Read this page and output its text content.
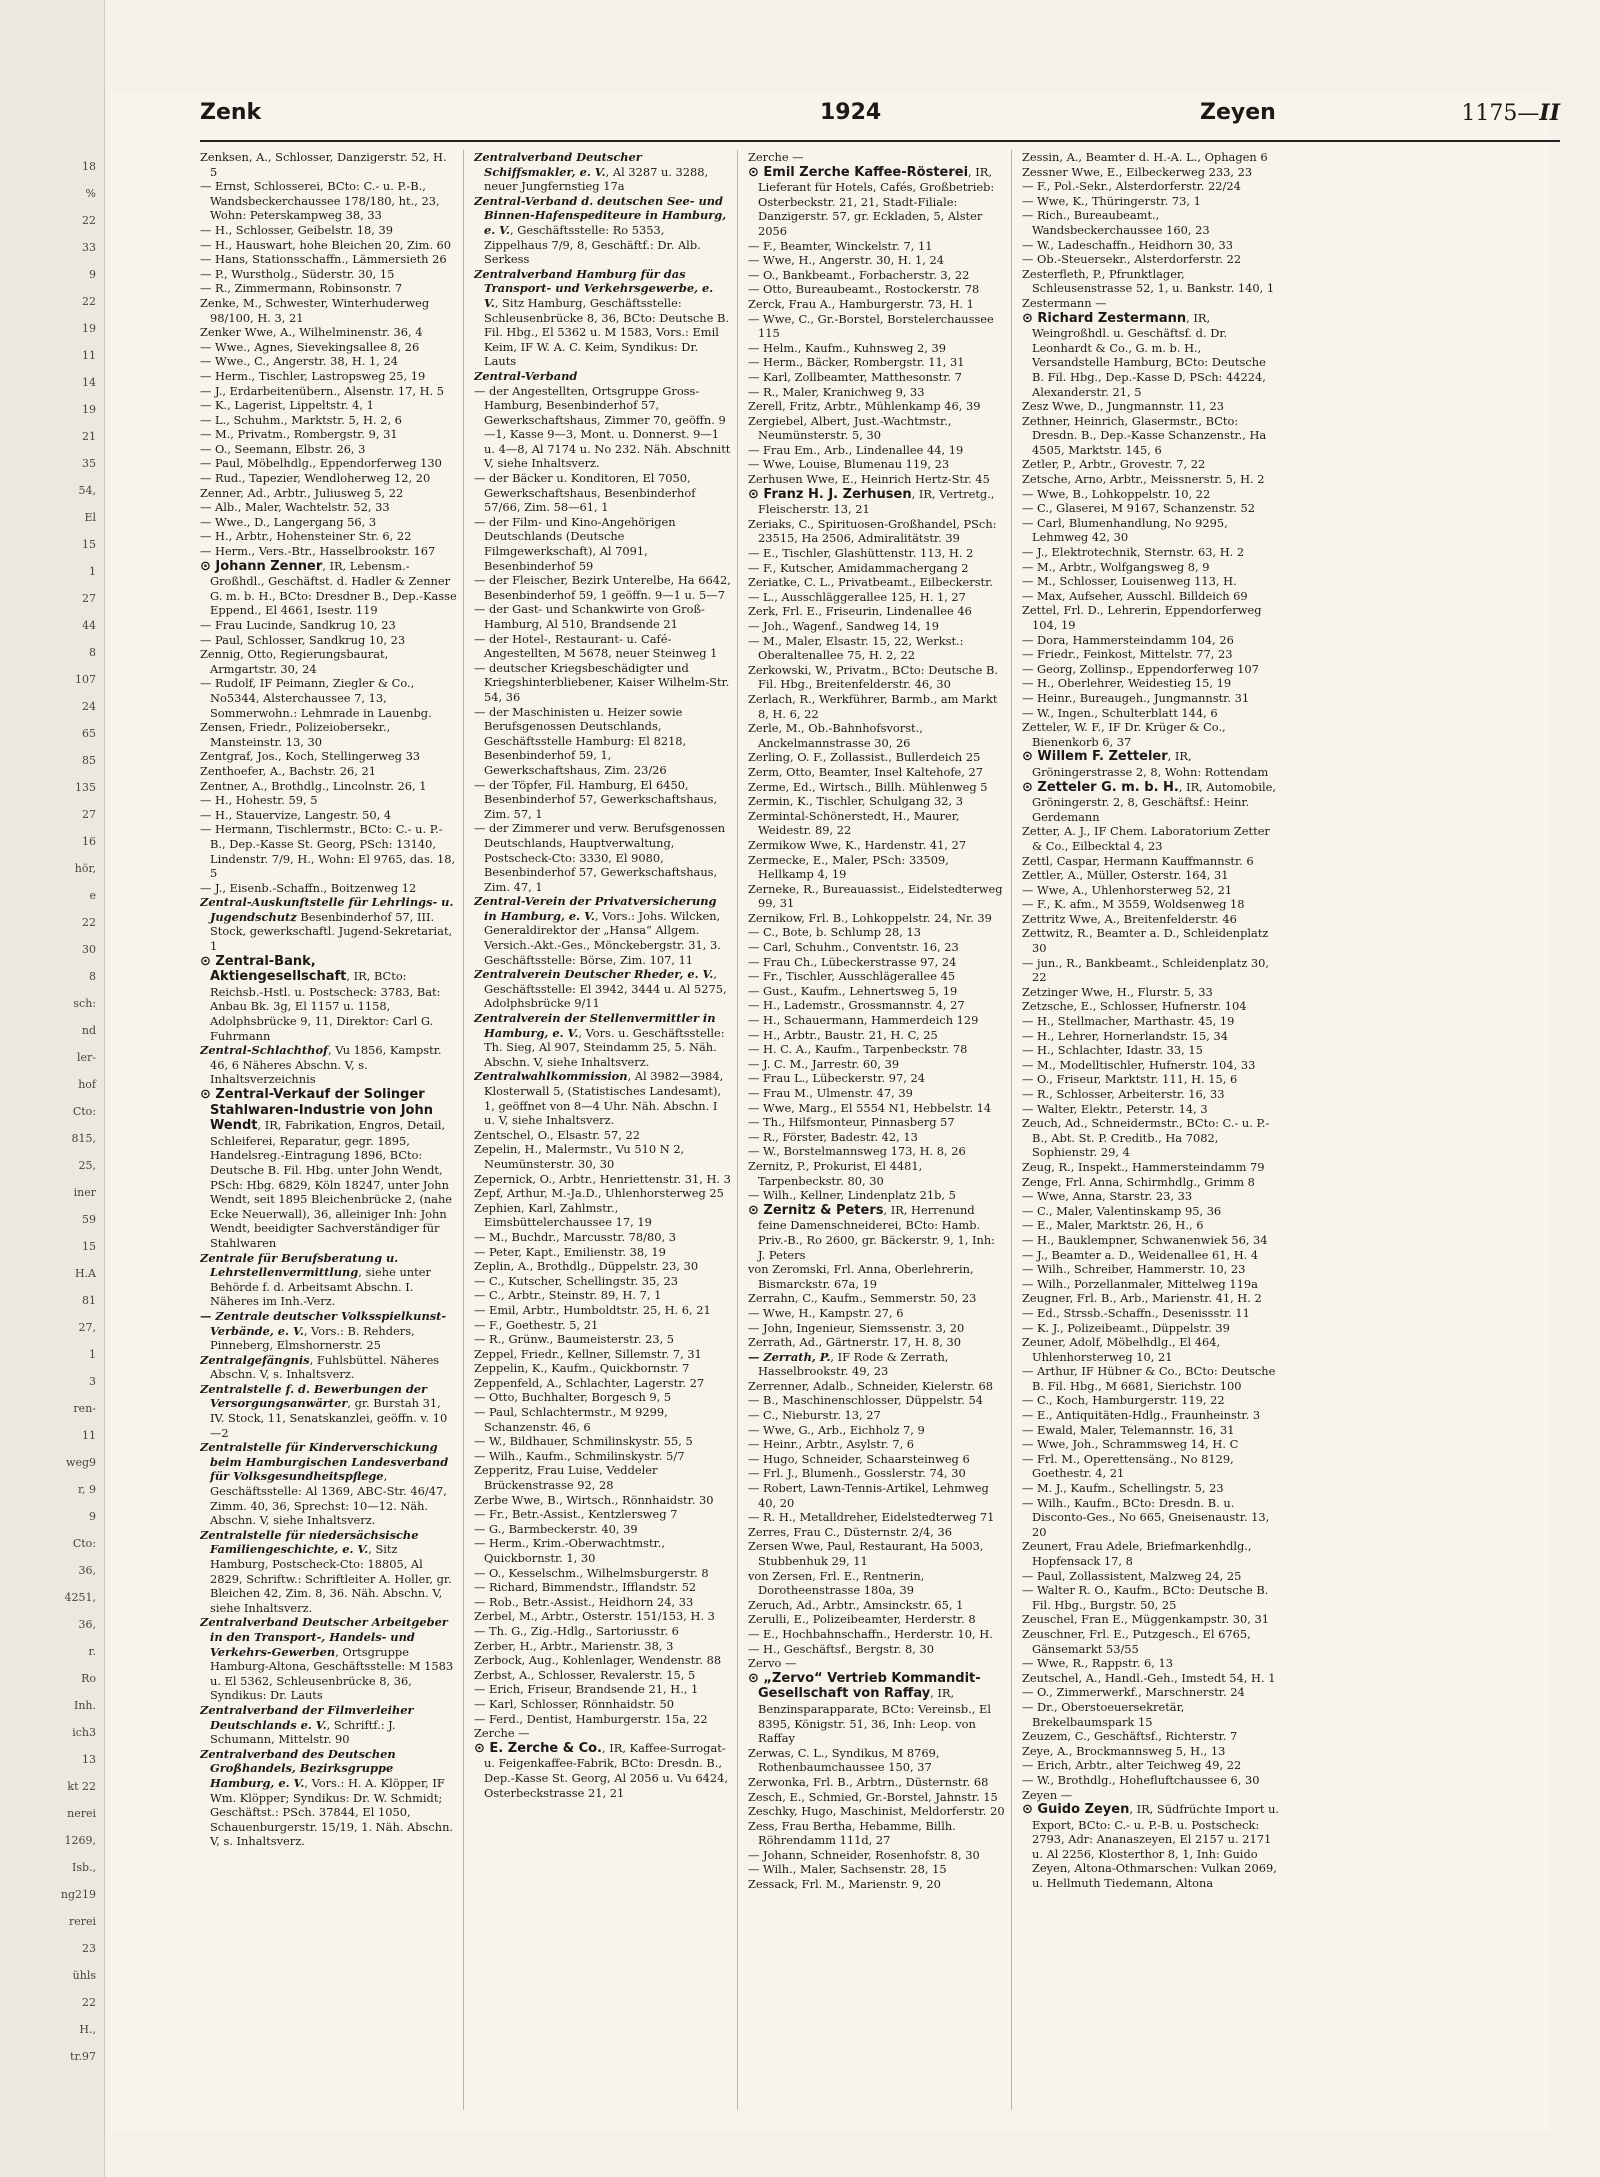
18
%
22
33
9
22
19
11
14
19
21
35
54,
El
15
1
27
44
8
107
24
65
85
135
27
16
hör,
e
22
30
8
sch:
nd
ler-
hof
Cto:
815,
25,
iner
59
15
H.A
81
27,
1
3
ren-
11
weg9
r, 9
9
Cto:
36,
4251,
36,
r.
Ro
Inh.
ich3
13
kt 22
nerei
1269,
Isb.,
ng219
rerei
23
ühls
22
H.,
tr.97
Zenk	1924	Zeyen	1175—II

Zenksen, A., Schlosser, Danzigerstr. 52, H. 5

— Ernst, Schlosserei, BCto: C.- u. P.-B., Wandsbeckerchaussee 178/180, ht., 23, Wohn: Peterskampweg 38, 33

— H., Schlosser, Geibelstr. 18, 39

— H., Hauswart, hohe Bleichen 20, Zim. 60

— Hans, Stationsschaffn., Lämmersieth 26

— P., Wurstholg., Süderstr. 30, 15

— R., Zimmermann, Robinsonstr. 7

Zenke, M., Schwester, Winterhuderweg 98/100, H. 3, 21

Zenker Wwe, A., Wilhelminenstr. 36, 4

— Wwe., Agnes, Sievekingsallee 8, 26

— Wwe., C., Angerstr. 38, H. 1, 24

— Herm., Tischler, Lastropsweg 25, 19

— J., Erdarbeitenübern., Alsenstr. 17, H. 5

— K., Lagerist, Lippeltstr. 4, 1

— L., Schuhm., Marktstr. 5, H. 2, 6

— M., Privatm., Rombergstr. 9, 31

— O., Seemann, Elbstr. 26, 3

— Paul, Möbelhdlg., Eppendorferweg 130

— Rud., Tapezier, Wendloherweg 12, 20

Zenner, Ad., Arbtr., Juliusweg 5, 22

— Alb., Maler, Wachtelstr. 52, 33

— Wwe., D., Langergang 56, 3

— H., Arbtr., Hohensteiner Str. 6, 22

— Herm., Vers.-Btr., Hasselbrookstr. 167

⊙ Johann Zenner, IR, Lebensm.-Großhdl., Geschäftst. d. Hadler & Zenner G. m. b. H., BCto: Dresdner B., Dep.-Kasse Eppend., El 4661, Isestr. 119

— Frau Lucinde, Sandkrug 10, 23

— Paul, Schlosser, Sandkrug 10, 23

Zennig, Otto, Regierungsbaurat, Armgartstr. 30, 24

— Rudolf, IF Peimann, Ziegler & Co., No5344, Alsterchaussee 7, 13, Sommerwohn.: Lehmrade in Lauenbg.

Zensen, Friedr., Polizeiobersekr., Mansteinstr. 13, 30

Zentgraf, Jos., Koch, Stellingerweg 33

Zenthoefer, A., Bachstr. 26, 21

Zentner, A., Brothdlg., Lincolnstr. 26, 1

— H., Hohestr. 59, 5

— H., Stauervize, Langestr. 50, 4

— Hermann, Tischlermstr., BCto: C.- u. P.-B., Dep.-Kasse St. Georg, PSch: 13140, Lindenstr. 7/9, H., Wohn: El 9765, das. 18, 5

— J., Eisenb.-Schaffn., Boitzenweg 12

Zentral-Auskunftstelle für Lehrlings- u. Jugendschutz Besenbinderhof 57, III. Stock, gewerkschaftl. Jugend-Sekretariat, 1

⊙ Zentral-Bank, Aktiengesellschaft, IR, BCto: Reichsb.-Hstl. u. Postscheck: 3783, Bat: Anbau Bk. 3g, El 1157 u. 1158, Adolphsbrücke 9, 11, Direktor: Carl G. Fuhrmann

Zentral-Schlachthof, Vu 1856, Kampstr. 46, 6 Näheres Abschn. V, s. Inhaltsverzeichnis

⊙ Zentral-Verkauf der Solinger Stahlwaren-Industrie von John Wendt, IR, Fabrikation, Engros, Detail, Schleiferei, Reparatur, gegr. 1895, Handelsreg.-Eintragung 1896, BCto: Deutsche B. Fil. Hbg. unter John Wendt, PSch: Hbg. 6829, Köln 18247, unter John Wendt, seit 1895 Bleichenbrücke 2, (nahe Ecke Neuerwall), 36, alleiniger Inh: John Wendt, beeidigter Sachverständiger für Stahlwaren

Zentrale für Berufsberatung u. Lehrstellenvermittlung, siehe unter Behörde f. d. Arbeitsamt Abschn. I. Näheres im Inh.-Verz.

— Zentrale deutscher Volksspielkunst-Verbände, e. V., Vors.: B. Rehders, Pinneberg, Elmshornerstr. 25

Zentralgefängnis, Fuhlsbüttel. Näheres Abschn. V, s. Inhaltsverz.

Zentralstelle f. d. Bewerbungen der Versorgungsanwärter, gr. Burstah 31, IV. Stock, 11, Senatskanzlei, geöffn. v. 10—2

Zentralstelle für Kinderverschickung beim Hamburgischen Landesverband für Volksgesundheitspflege, Geschäftsstelle: Al 1369, ABC-Str. 46/47, Zimm. 40, 36, Sprechst: 10—12. Näh. Abschn. V, siehe Inhaltsverz.

Zentralstelle für niedersächsische Familiengeschichte, e. V., Sitz Hamburg, Postscheck-Cto: 18805, Al 2829, Schriftw.: Schriftleiter A. Holler, gr. Bleichen 42, Zim. 8, 36. Näh. Abschn. V, siehe Inhaltsverz.

Zentralverband Deutscher Arbeitgeber in den Transport-, Handels- und Verkehrs-Gewerben, Ortsgruppe Hamburg-Altona, Geschäftsstelle: M 1583 u. El 5362, Schleusenbrücke 8, 36, Syndikus: Dr. Lauts

Zentralverband der Filmverleiher Deutschlands e. V., Schriftf.: J. Schumann, Mittelstr. 90

Zentralverband des Deutschen Großhandels, Bezirksgruppe Hamburg, e. V., Vors.: H. A. Klöpper, IF Wm. Klöpper; Syndikus: Dr. W. Schmidt; Geschäftst.: PSch. 37844, El 1050, Schauenburgerstr. 15/19, 1. Näh. Abschn. V, s. Inhaltsverz.

Zentralverband Deutscher Schiffsmakler, e. V., Al 3287 u. 3288, neuer Jungfernstieg 17a

Zentral-Verband d. deutschen See- und Binnen-Hafenspediteure in Hamburg, e. V., Geschäftsstelle: Ro 5353, Zippelhaus 7/9, 8, Geschäftf.: Dr. Alb. Serkess

Zentralverband Hamburg für das Transport- und Verkehrsgewerbe, e. V., Sitz Hamburg, Geschäftsstelle: Schleusenbrücke 8, 36, BCto: Deutsche B. Fil. Hbg., El 5362 u. M 1583, Vors.: Emil Keim, IF W. A. C. Keim, Syndikus: Dr. Lauts

Zentral-Verband

— der Angestellten, Ortsgruppe Gross-Hamburg, Besenbinderhof 57, Gewerkschaftshaus, Zimmer 70, geöffn. 9—1, Kasse 9—3, Mont. u. Donnerst. 9—1 u. 4—8, Al 7174 u. No 232. Näh. Abschnitt V, siehe Inhaltsverz.

— der Bäcker u. Konditoren, El 7050, Gewerkschaftshaus, Besenbinderhof 57/66, Zim. 58—61, 1

— der Film- und Kino-Angehörigen Deutschlands (Deutsche Filmgewerkschaft), Al 7091, Besenbinderhof 59

— der Fleischer, Bezirk Unterelbe, Ha 6642, Besenbinderhof 59, 1 geöffn. 9—1 u. 5—7

— der Gast- und Schankwirte von Groß-Hamburg, Al 510, Brandsende 21

— der Hotel-, Restaurant- u. Café-Angestellten, M 5678, neuer Steinweg 1

— deutscher Kriegsbeschädigter und Kriegshinterbliebener, Kaiser Wilhelm-Str. 54, 36

— der Maschinisten u. Heizer sowie Berufsgenossen Deutschlands, Geschäftsstelle Hamburg: El 8218, Besenbinderhof 59, 1, Gewerkschaftshaus, Zim. 23/26

— der Töpfer, Fil. Hamburg, El 6450, Besenbinderhof 57, Gewerkschaftshaus, Zim. 57, 1

— der Zimmerer und verw. Berufsgenossen Deutschlands, Hauptverwaltung, Postscheck-Cto: 3330, El 9080, Besenbinderhof 57, Gewerkschaftshaus, Zim. 47, 1

Zentral-Verein der Privatversicherung in Hamburg, e. V., Vors.: Johs. Wilcken, Generaldirektor der „Hansa“ Allgem. Versich.-Akt.-Ges., Mönckebergstr. 31, 3. Geschäftsstelle: Börse, Zim. 107, 11

Zentralverein Deutscher Rheder, e. V., Geschäftsstelle: El 3942, 3444 u. Al 5275, Adolphsbrücke 9/11

Zentralverein der Stellenvermittler in Hamburg, e. V., Vors. u. Geschäftsstelle: Th. Sieg, Al 907, Steindamm 25, 5. Näh. Abschn. V, siehe Inhaltsverz.

Zentralwahlkommission, Al 3982—3984, Klosterwall 5, (Statistisches Landesamt), 1, geöffnet von 8—4 Uhr. Näh. Abschn. I u. V, siehe Inhaltsverz.

Zentschel, O., Elsastr. 57, 22

Zepelin, H., Malermstr., Vu 510 N 2, Neumünsterstr. 30, 30

Zepernick, O., Arbtr., Henriettenstr. 31, H. 3

Zepf, Arthur, M.-Ja.D., Uhlenhorsterweg 25

Zephien, Karl, Zahlmstr., Eimsbüttelerchaussee 17, 19

— M., Buchdr., Marcusstr. 78/80, 3

— Peter, Kapt., Emilienstr. 38, 19

Zeplin, A., Brothdlg., Düppelstr. 23, 30

— C., Kutscher, Schellingstr. 35, 23

— C., Arbtr., Steinstr. 89, H. 7, 1

— Emil, Arbtr., Humboldtstr. 25, H. 6, 21

— F., Goethestr. 5, 21

— R., Grünw., Baumeisterstr. 23, 5

Zeppel, Friedr., Kellner, Sillemstr. 7, 31

Zeppelin, K., Kaufm., Quickbornstr. 7

Zeppenfeld, A., Schlachter, Lagerstr. 27

— Otto, Buchhalter, Borgesch 9, 5

— Paul, Schlachtermstr., M 9299, Schanzenstr. 46, 6

— W., Bildhauer, Schmilinskystr. 55, 5

— Wilh., Kaufm., Schmilinskystr. 5/7

Zepperitz, Frau Luise, Veddeler Brückenstrasse 92, 28

Zerbe Wwe, B., Wirtsch., Rönnhaidstr. 30

— Fr., Betr.-Assist., Kentzlersweg 7

— G., Barmbeckerstr. 40, 39

— Herm., Krim.-Oberwachtmstr., Quickbornstr. 1, 30

— O., Kesselschm., Wilhelmsburgerstr. 8

— Richard, Bimmendstr., Ifflandstr. 52

— Rob., Betr.-Assist., Heidhorn 24, 33

Zerbel, M., Arbtr., Osterstr. 151/153, H. 3

— Th. G., Zig.-Hdlg., Sartoriusstr. 6

Zerber, H., Arbtr., Marienstr. 38, 3

Zerbock, Aug., Kohlenlager, Wendenstr. 88

Zerbst, A., Schlosser, Revalerstr. 15, 5

— Erich, Friseur, Brandsende 21, H., 1

— Karl, Schlosser, Rönnhaidstr. 50

— Ferd., Dentist, Hamburgerstr. 15a, 22

Zerche —

⊙ E. Zerche & Co., IR, Kaffee-Surrogat- u. Feigenkaffee-Fabrik, BCto: Dresdn. B., Dep.-Kasse St. Georg, Al 2056 u. Vu 6424, Osterbeckstrasse 21, 21

Zerche —

⊙ Emil Zerche Kaffee-Rösterei, IR, Lieferant für Hotels, Cafés, Großbetrieb: Osterbeckstr. 21, 21, Stadt-Filiale: Danzigerstr. 57, gr. Eckladen, 5, Alster 2056

— F., Beamter, Winckelstr. 7, 11

— Wwe, H., Angerstr. 30, H. 1, 24

— O., Bankbeamt., Forbacherstr. 3, 22

— Otto, Bureaubeamt., Rostockerstr. 78

Zerck, Frau A., Hamburgerstr. 73, H. 1

— Wwe, C., Gr.-Borstel, Borstelerchaussee 115

— Helm., Kaufm., Kuhnsweg 2, 39

— Herm., Bäcker, Rombergstr. 11, 31

— Karl, Zollbeamter, Matthesonstr. 7

— R., Maler, Kranichweg 9, 33

Zerell, Fritz, Arbtr., Mühlenkamp 46, 39

Zergiebel, Albert, Just.-Wachtmstr., Neumünsterstr. 5, 30

— Frau Em., Arb., Lindenallee 44, 19

— Wwe, Louise, Blumenau 119, 23

Zerhusen Wwe, E., Heinrich Hertz-Str. 45

⊙ Franz H. J. Zerhusen, IR, Vertretg., Fleischerstr. 13, 21

Zeriaks, C., Spirituosen-Großhandel, PSch: 23515, Ha 2506, Admiralitätstr. 39

— E., Tischler, Glashüttenstr. 113, H. 2

— F., Kutscher, Amidammachergang 2

Zeriatke, C. L., Privatbeamt., Eilbeckerstr.

— L., Ausschläggerallee 125, H. 1, 27

Zerk, Frl. E., Friseurin, Lindenallee 46

— Joh., Wagenf., Sandweg 14, 19

— M., Maler, Elsastr. 15, 22, Werkst.: Oberaltenallee 75, H. 2, 22

Zerkowski, W., Privatm., BCto: Deutsche B. Fil. Hbg., Breitenfelderstr. 46, 30

Zerlach, R., Werkführer, Barmb., am Markt 8, H. 6, 22

Zerle, M., Ob.-Bahnhofsvorst., Anckelmannstrasse 30, 26

Zerling, O. F., Zollassist., Bullerdeich 25

Zerm, Otto, Beamter, Insel Kaltehofe, 27

Zerme, Ed., Wirtsch., Billh. Mühlenweg 5

Zermin, K., Tischler, Schulgang 32, 3

Zermintal-Schönerstedt, H., Maurer, Weidestr. 89, 22

Zermikow Wwe, K., Hardenstr. 41, 27

Zermecke, E., Maler, PSch: 33509, Hellkamp 4, 19

Zerneke, R., Bureauassist., Eidelstedterweg 99, 31

Zernikow, Frl. B., Lohkoppelstr. 24, Nr. 39

— C., Bote, b. Schlump 28, 13

— Carl, Schuhm., Conventstr. 16, 23

— Frau Ch., Lübeckerstrasse 97, 24

— Fr., Tischler, Ausschlägerallee 45

— Gust., Kaufm., Lehnertsweg 5, 19

— H., Lademstr., Grossmannstr. 4, 27

— H., Schauermann, Hammerdeich 129

— H., Arbtr., Baustr. 21, H. C, 25

— H. C. A., Kaufm., Tarpenbeckstr. 78

— J. C. M., Jarrestr. 60, 39

— Frau L., Lübeckerstr. 97, 24

— Frau M., Ulmenstr. 47, 39

— Wwe, Marg., El 5554 N1, Hebbelstr. 14

— Th., Hilfsmonteur, Pinnasberg 57

— R., Förster, Badestr. 42, 13

— W., Borstelmannsweg 173, H. 8, 26

Zernitz, P., Prokurist, El 4481, Tarpenbeckstr. 80, 30

— Wilh., Kellner, Lindenplatz 21b, 5

⊙ Zernitz & Peters, IR, Herrenund feine Damenschneiderei, BCto: Hamb. Priv.-B., Ro 2600, gr. Bäckerstr. 9, 1, Inh: J. Peters

von Zeromski, Frl. Anna, Oberlehrerin, Bismarckstr. 67a, 19

Zerrahn, C., Kaufm., Semmerstr. 50, 23

— Wwe, H., Kampstr. 27, 6

— John, Ingenieur, Siemssenstr. 3, 20

Zerrath, Ad., Gärtnerstr. 17, H. 8, 30

— Zerrath, P., IF Rode & Zerrath, Hasselbrookstr. 49, 23

Zerrenner, Adalb., Schneider, Kielerstr. 68

— B., Maschinenschlosser, Düppelstr. 54

— C., Nieburstr. 13, 27

— Wwe, G., Arb., Eichholz 7, 9

— Heinr., Arbtr., Asylstr. 7, 6

— Hugo, Schneider, Schaarsteinweg 6

— Frl. J., Blumenh., Gosslerstr. 74, 30

— Robert, Lawn-Tennis-Artikel, Lehmweg 40, 20

— R. H., Metalldreher, Eidelstedterweg 71

Zerres, Frau C., Düsternstr. 2/4, 36

Zersen Wwe, Paul, Restaurant, Ha 5003, Stubbenhuk 29, 11

von Zersen, Frl. E., Rentnerin, Dorotheenstrasse 180a, 39

Zeruch, Ad., Arbtr., Amsinckstr. 65, 1

Zerulli, E., Polizeibeamter, Herderstr. 8

— E., Hochbahnschaffn., Herderstr. 10, H.

— H., Geschäftsf., Bergstr. 8, 30

Zervo —

⊙ „Zervo“ Vertrieb Kommandit-Gesellschaft von Raffay, IR, Benzinsparapparate, BCto: Vereinsb., El 8395, Königstr. 51, 36, Inh: Leop. von Raffay

Zerwas, C. L., Syndikus, M 8769, Rothenbaumchaussee 150, 37

Zerwonka, Frl. B., Arbtrn., Düsternstr. 68

Zesch, E., Schmied, Gr.-Borstel, Jahnstr. 15

Zeschky, Hugo, Maschinist, Meldorferstr. 20

Zess, Frau Bertha, Hebamme, Billh. Röhrendamm 111d, 27

— Johann, Schneider, Rosenhofstr. 8, 30

— Wilh., Maler, Sachsenstr. 28, 15

Zessack, Frl. M., Marienstr. 9, 20

Zessin, A., Beamter d. H.-A. L., Ophagen 6

Zessner Wwe, E., Eilbeckerweg 233, 23

— F., Pol.-Sekr., Alsterdorferstr. 22/24

— Wwe, K., Thüringerstr. 73, 1

— Rich., Bureaubeamt., Wandsbeckerchaussee 160, 23

— W., Ladeschaffn., Heidhorn 30, 33

— Ob.-Steuersekr., Alsterdorferstr. 22

Zesterfleth, P., Pfrunktlager, Schleusenstrasse 52, 1, u. Bankstr. 140, 1

Zestermann —

⊙ Richard Zestermann, IR, Weingroßhdl. u. Geschäftsf. d. Dr. Leonhardt & Co., G. m. b. H., Versandstelle Hamburg, BCto: Deutsche B. Fil. Hbg., Dep.-Kasse D, PSch: 44224, Alexanderstr. 21, 5

Zesz Wwe, D., Jungmannstr. 11, 23

Zethner, Heinrich, Glasermstr., BCto: Dresdn. B., Dep.-Kasse Schanzenstr., Ha 4505, Marktstr. 145, 6

Zetler, P., Arbtr., Grovestr. 7, 22

Zetsche, Arno, Arbtr., Meissnerstr. 5, H. 2

— Wwe, B., Lohkoppelstr. 10, 22

— C., Glaserei, M 9167, Schanzenstr. 52

— Carl, Blumenhandlung, No 9295, Lehmweg 42, 30

— J., Elektrotechnik, Sternstr. 63, H. 2

— M., Arbtr., Wolfgangsweg 8, 9

— M., Schlosser, Louisenweg 113, H.

— Max, Aufseher, Ausschl. Billdeich 69

Zettel, Frl. D., Lehrerin, Eppendorferweg 104, 19

— Dora, Hammersteindamm 104, 26

— Friedr., Feinkost, Mittelstr. 77, 23

— Georg, Zollinsp., Eppendorferweg 107

— H., Oberlehrer, Weidestieg 15, 19

— Heinr., Bureaugeh., Jungmannstr. 31

— W., Ingen., Schulterblatt 144, 6

Zetteler, W. F., IF Dr. Krüger & Co., Bienenkorb 6, 37

⊙ Willem F. Zetteler, IR, Gröningerstrasse 2, 8, Wohn: Rottendam

⊙ Zetteler G. m. b. H., IR, Automobile, Gröningerstr. 2, 8, Geschäftsf.: Heinr. Gerdemann

Zetter, A. J., IF Chem. Laboratorium Zetter & Co., Eilbecktal 4, 23

Zettl, Caspar, Hermann Kauffmannstr. 6

Zettler, A., Müller, Osterstr. 164, 31

— Wwe, A., Uhlenhorsterweg 52, 21

— F., K. afm., M 3559, Woldsenweg 18

Zettritz Wwe, A., Breitenfelderstr. 46

Zettwitz, R., Beamter a. D., Schleidenplatz 30

— jun., R., Bankbeamt., Schleidenplatz 30, 22

Zetzinger Wwe, H., Flurstr. 5, 33

Zetzsche, E., Schlosser, Hufnerstr. 104

— H., Stellmacher, Marthastr. 45, 19

— H., Lehrer, Hornerlandstr. 15, 34

— H., Schlachter, Idastr. 33, 15

— M., Modelltischler, Hufnerstr. 104, 33

— O., Friseur, Marktstr. 111, H. 15, 6

— R., Schlosser, Arbeiterstr. 16, 33

— Walter, Elektr., Peterstr. 14, 3

Zeuch, Ad., Schneidermstr., BCto: C.- u. P.-B., Abt. St. P. Creditb., Ha 7082, Sophienstr. 29, 4

Zeug, R., Inspekt., Hammersteindamm 79

Zenge, Frl. Anna, Schirmhdlg., Grimm 8

— Wwe, Anna, Starstr. 23, 33

— C., Maler, Valentinskamp 95, 36

— E., Maler, Marktstr. 26, H., 6

— H., Bauklempner, Schwanenwiek 56, 34

— J., Beamter a. D., Weidenallee 61, H. 4

— Wilh., Schreiber, Hammerstr. 10, 23

— Wilh., Porzellanmaler, Mittelweg 119a

Zeugner, Frl. B., Arb., Marienstr. 41, H. 2

— Ed., Strssb.-Schaffn., Desenissstr. 11

— K. J., Polizeibeamt., Düppelstr. 39

Zeuner, Adolf, Möbelhdlg., El 464, Uhlenhorsterweg 10, 21

— Arthur, IF Hübner & Co., BCto: Deutsche B. Fil. Hbg., M 6681, Sierichstr. 100

— C., Koch, Hamburgerstr. 119, 22

— E., Antiquitäten-Hdlg., Fraunheinstr. 3

— Ewald, Maler, Telemannstr. 16, 31

— Wwe, Joh., Schrammsweg 14, H. C

— Frl. M., Operettensäng., No 8129, Goethestr. 4, 21

— M. J., Kaufm., Schellingstr. 5, 23

— Wilh., Kaufm., BCto: Dresdn. B. u. Disconto-Ges., No 665, Gneisenaustr. 13, 20

Zeunert, Frau Adele, Briefmarkenhdlg., Hopfensack 17, 8

— Paul, Zollassistent, Malzweg 24, 25

— Walter R. O., Kaufm., BCto: Deutsche B. Fil. Hbg., Burgstr. 50, 25

Zeuschel, Fran E., Müggenkampstr. 30, 31

Zeuschner, Frl. E., Putzgesch., El 6765, Gänsemarkt 53/55

— Wwe, R., Rappstr. 6, 13

Zeutschel, A., Handl.-Geh., Imstedt 54, H. 1

— O., Zimmerwerkf., Marschnerstr. 24

— Dr., Oberstoeuersekretär, Brekelbaumspark 15

Zeuzem, C., Geschäftsf., Richterstr. 7

Zeye, A., Brockmannsweg 5, H., 13

— Erich, Arbtr., alter Teichweg 49, 22

— W., Brothdlg., Hohefluftchaussee 6, 30

Zeyen —

⊙ Guido Zeyen, IR, Südfrüchte Import u. Export, BCto: C.- u. P.-B. u. Postscheck: 2793, Adr: Ananaszeyen, El 2157 u. 2171 u. Al 2256, Klosterthor 8, 1, Inh: Guido Zeyen, Altona-Othmarschen: Vulkan 2069, u. Hellmuth Tiedemann, Altona
